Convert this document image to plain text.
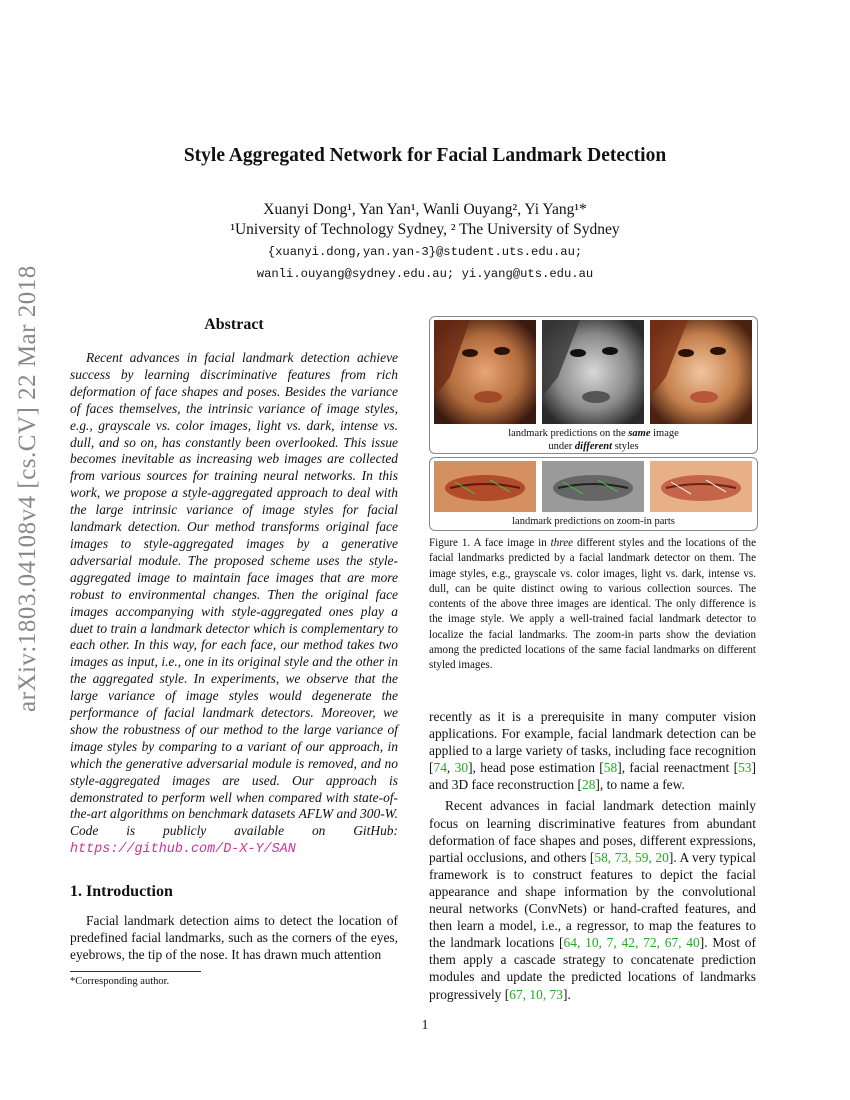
arXiv:1803.04108v4 [cs.CV] 22 Mar 2018
Style Aggregated Network for Facial Landmark Detection
Xuanyi Dong¹, Yan Yan¹, Wanli Ouyang², Yi Yang¹*
¹University of Technology Sydney, ² The University of Sydney
{xuanyi.dong,yan.yan-3}@student.uts.edu.au;
wanli.ouyang@sydney.edu.au; yi.yang@uts.edu.au
Abstract

Recent advances in facial landmark detection achieve success by learning discriminative features from rich deformation of face shapes and poses. Besides the variance of faces themselves, the intrinsic variance of image styles, e.g., grayscale vs. color images, light vs. dark, intense vs. dull, and so on, has constantly been overlooked. This issue becomes inevitable as increasing web images are collected from various sources for training neural networks. In this work, we propose a style-aggregated approach to deal with the large intrinsic variance of image styles for facial landmark detection. Our method transforms original face images to style-aggregated images by a generative adversarial module. The proposed scheme uses the style-aggregated image to maintain face images that are more robust to environmental changes. Then the original face images accompanying with style-aggregated ones play a duet to train a landmark detector which is complementary to each other. In this way, for each face, our method takes two images as input, i.e., one in its original style and the other in the aggregated style. In experiments, we observe that the large variance of image styles would degenerate the performance of facial landmark detectors. Moreover, we show the robustness of our method to the large variance of image styles by comparing to a variant of our approach, in which the generative adversarial module is removed, and no style-aggregated images are used. Our approach is demonstrated to perform well when compared with state-of-the-art algorithms on benchmark datasets AFLW and 300-W. Code is publicly available on GitHub: https://github.com/D-X-Y/SAN

1. Introduction

Facial landmark detection aims to detect the location of predefined facial landmarks, such as the corners of the eyes, eyebrows, the tip of the nose. It has drawn much attention

*Corresponding author.
landmark predictions on the same image
under different styles
landmark predictions on zoom-in parts
Figure 1. A face image in three different styles and the locations of the facial landmarks predicted by a facial landmark detector on them. The image styles, e.g., grayscale vs. color images, light vs. dark, intense vs. dull, can be quite distinct owing to various collection sources. The contents of the above three images are identical. The only difference is the image style. We apply a well-trained facial landmark detector to localize the facial landmarks. The zoom-in parts show the deviation among the predicted locations of the same facial landmarks on different styled images.

recently as it is a prerequisite in many computer vision applications. For example, facial landmark detection can be applied to a large variety of tasks, including face recognition [74, 30], head pose estimation [58], facial reenactment [53] and 3D face reconstruction [28], to name a few.

Recent advances in facial landmark detection mainly focus on learning discriminative features from abundant deformation of face shapes and poses, different expressions, partial occlusions, and others [58, 73, 59, 20]. A very typical framework is to construct features to depict the facial appearance and shape information by the convolutional neural networks (ConvNets) or hand-crafted features, and then learn a model, i.e., a regressor, to map the features to the landmark locations [64, 10, 7, 42, 72, 67, 40]. Most of them apply a cascade strategy to concatenate prediction modules and update the predicted locations of landmarks progressively [67, 10, 73].

1
